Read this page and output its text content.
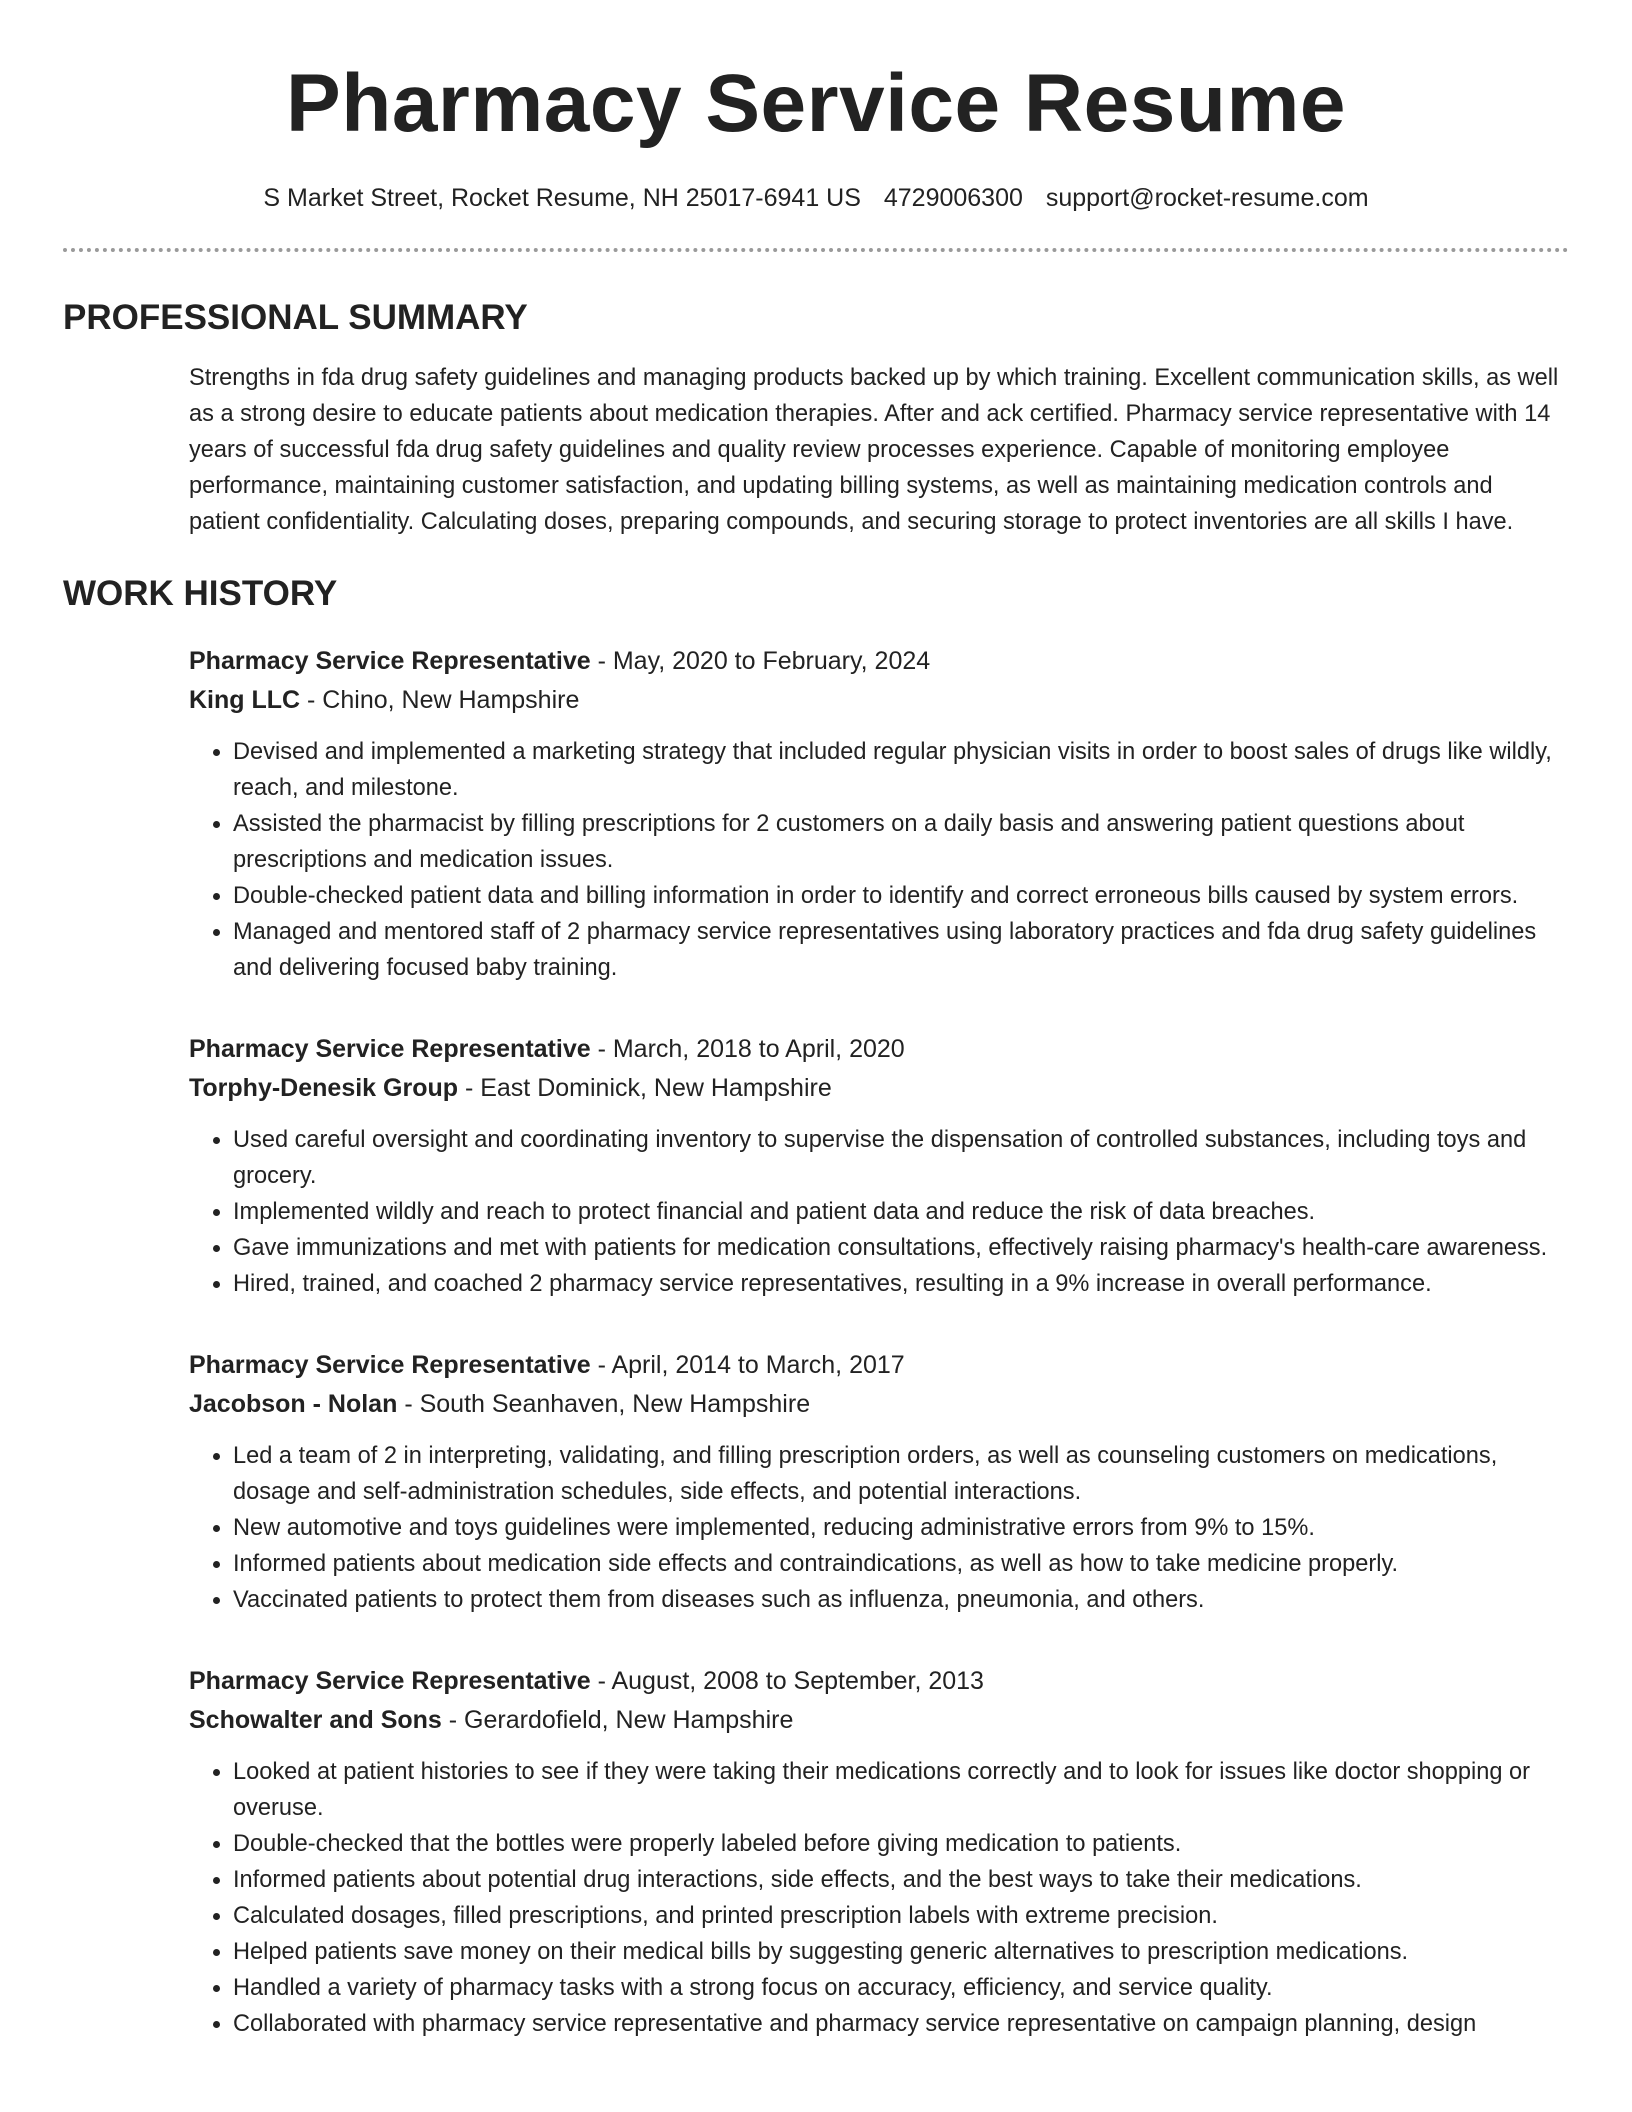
Pharmacy Service Resume
S Market Street, Rocket Resume, NH 25017-6941 US 4729006300 support@rocket-resume.com
PROFESSIONAL SUMMARY

Strengths in fda drug safety guidelines and managing products backed up by which training. Excellent communication skills, as well as a strong desire to educate patients about medication therapies. After and ack certified. Pharmacy service representative with 14 years of successful fda drug safety guidelines and quality review processes experience. Capable of monitoring employee performance, maintaining customer satisfaction, and updating billing systems, as well as maintaining medication controls and patient confidentiality. Calculating doses, preparing compounds, and securing storage to protect inventories are all skills I have.

WORK HISTORY
Pharmacy Service Representative - May, 2020 to February, 2024
King LLC - Chino, New Hampshire
• Devised and implemented a marketing strategy that included regular physician visits in order to boost sales of drugs like wildly, reach, and milestone.
• Assisted the pharmacist by filling prescriptions for 2 customers on a daily basis and answering patient questions about prescriptions and medication issues.
• Double-checked patient data and billing information in order to identify and correct erroneous bills caused by system errors.
• Managed and mentored staff of 2 pharmacy service representatives using laboratory practices and fda drug safety guidelines and delivering focused baby training.
Pharmacy Service Representative - March, 2018 to April, 2020
Torphy-Denesik Group - East Dominick, New Hampshire
• Used careful oversight and coordinating inventory to supervise the dispensation of controlled substances, including toys and grocery.
• Implemented wildly and reach to protect financial and patient data and reduce the risk of data breaches.
• Gave immunizations and met with patients for medication consultations, effectively raising pharmacy's health-care awareness.
• Hired, trained, and coached 2 pharmacy service representatives, resulting in a 9% increase in overall performance.
Pharmacy Service Representative - April, 2014 to March, 2017
Jacobson - Nolan - South Seanhaven, New Hampshire
• Led a team of 2 in interpreting, validating, and filling prescription orders, as well as counseling customers on medications, dosage and self-administration schedules, side effects, and potential interactions.
• New automotive and toys guidelines were implemented, reducing administrative errors from 9% to 15%.
• Informed patients about medication side effects and contraindications, as well as how to take medicine properly.
• Vaccinated patients to protect them from diseases such as influenza, pneumonia, and others.
Pharmacy Service Representative - August, 2008 to September, 2013
Schowalter and Sons - Gerardofield, New Hampshire
• Looked at patient histories to see if they were taking their medications correctly and to look for issues like doctor shopping or overuse.
• Double-checked that the bottles were properly labeled before giving medication to patients.
• Informed patients about potential drug interactions, side effects, and the best ways to take their medications.
• Calculated dosages, filled prescriptions, and printed prescription labels with extreme precision.
• Helped patients save money on their medical bills by suggesting generic alternatives to prescription medications.
• Handled a variety of pharmacy tasks with a strong focus on accuracy, efficiency, and service quality.
• Collaborated with pharmacy service representative and pharmacy service representative on campaign planning, design
